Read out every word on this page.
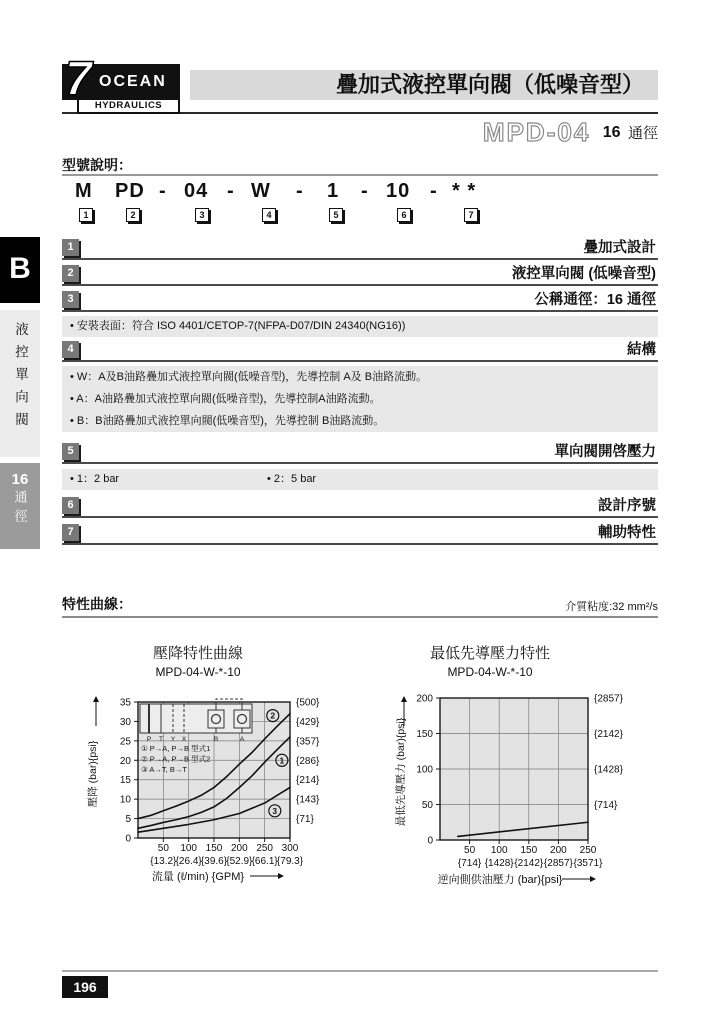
7 OCEAN
HYDRAULICS
疊加式液控單向閥（低噪音型）
MPD-04 16 通徑
型號說明：
M PD - 04 - W - 1 - 10 - * *
1	2	3	4	5	6	7
1	疊加式設計
2	液控單向閥 (低噪音型)
3	公稱通徑：16 通徑
• 安裝表面：符合 ISO 4401/CETOP-7(NFPA-D07/DIN 24340(NG16))
4	結構
• W：A及B油路疊加式液控單向閥(低噪音型)，先導控制 A及 B油路流動。
• A：A油路疊加式液控單向閥(低噪音型)，先導控制A油路流動。
• B：B油路疊加式液控單向閥(低噪音型)，先導控制 B油路流動。
5	單向閥開啓壓力
• 1：2 bar	• 2：5 bar
6	設計序號
7	輔助特性
B
液控單向閥
16
通徑
特性曲線：	介質粘度:32 mm²/s
壓降特性曲線
MPD-04-W-*-10
最低先導壓力特性
MPD-04-W-*-10
0
5
10
15
20
25
30
35
50
{13.2}
100
{26.4}
150
{39.6}
200
{52.9}
250
{66.1}
300
{79.3}
{500}
{429}
{357}
{286}
{214}
{143}
{71}
2
1
3
流量 (ℓ/min) {GPM}
壓降 (bar){psi}
P T Y X	B	A
① P→A, P→B 型式1
② P→A, P→B 型式2
③ A→T, B→T
0
50
100
150
200
50
{714}
100
{1428}
150
{2142}
200
{2857}
250
{3571}
{2857}
{2142}
{1428}
{714}
逆向側供油壓力 (bar){psi}
最低先導壓力 (bar){psi}
196
